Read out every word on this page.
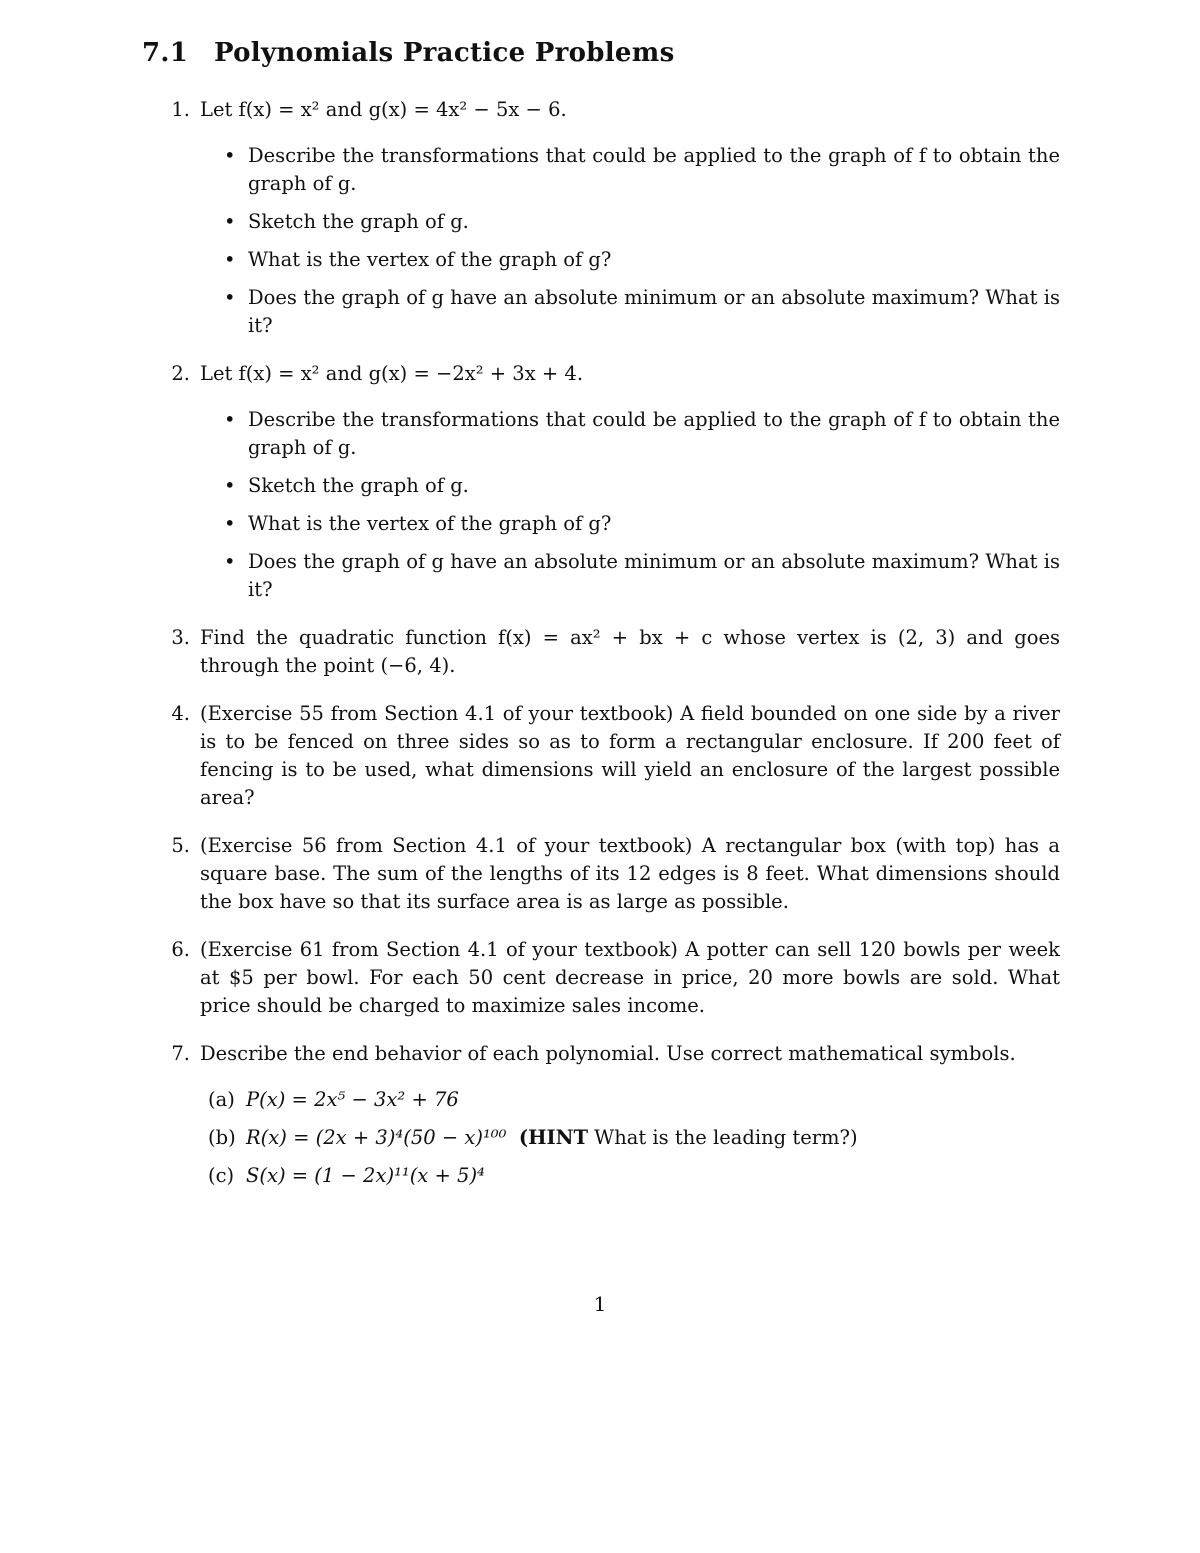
7.1 Polynomials Practice Problems
1. Let f(x) = x² and g(x) = 4x² − 5x − 6.
• Describe the transformations that could be applied to the graph of f to obtain the graph of g.
• Sketch the graph of g.
• What is the vertex of the graph of g?
• Does the graph of g have an absolute minimum or an absolute maximum? What is it?
2. Let f(x) = x² and g(x) = −2x² + 3x + 4.
• Describe the transformations that could be applied to the graph of f to obtain the graph of g.
• Sketch the graph of g.
• What is the vertex of the graph of g?
• Does the graph of g have an absolute minimum or an absolute maximum? What is it?
3. Find the quadratic function f(x) = ax² + bx + c whose vertex is (2, 3) and goes through the point (−6, 4).
4. (Exercise 55 from Section 4.1 of your textbook) A field bounded on one side by a river is to be fenced on three sides so as to form a rectangular enclosure. If 200 feet of fencing is to be used, what dimensions will yield an enclosure of the largest possible area?
5. (Exercise 56 from Section 4.1 of your textbook) A rectangular box (with top) has a square base. The sum of the lengths of its 12 edges is 8 feet. What dimensions should the box have so that its surface area is as large as possible.
6. (Exercise 61 from Section 4.1 of your textbook) A potter can sell 120 bowls per week at $5 per bowl. For each 50 cent decrease in price, 20 more bowls are sold. What price should be charged to maximize sales income.
7. Describe the end behavior of each polynomial. Use correct mathematical symbols.
(a) P(x) = 2x⁵ − 3x² + 76
(b) R(x) = (2x + 3)⁴(50 − x)¹⁰⁰ (HINT What is the leading term?)
(c) S(x) = (1 − 2x)¹¹(x + 5)⁴
1
